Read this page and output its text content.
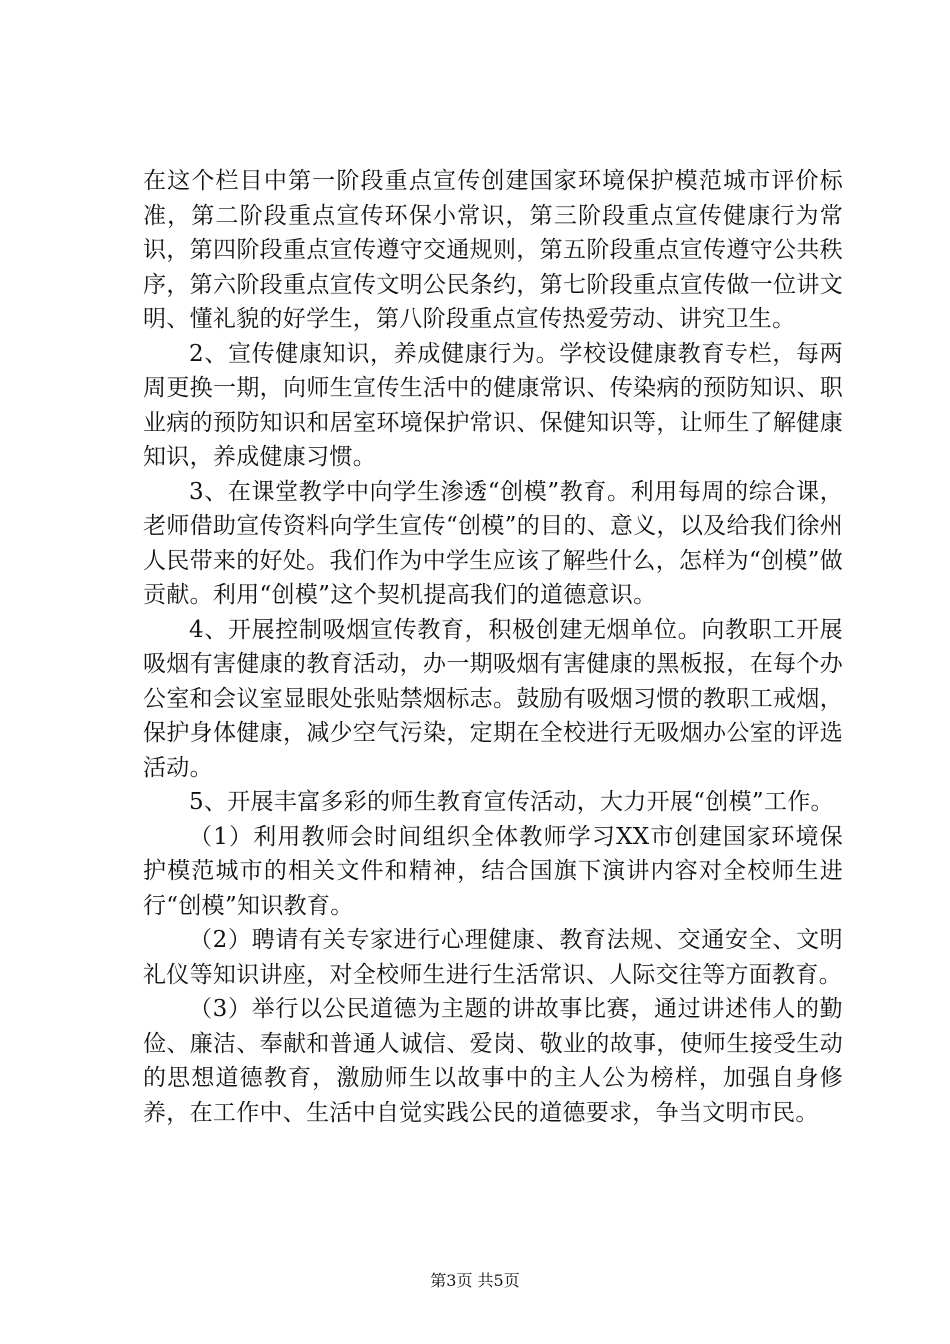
在这个栏目中第一阶段重点宣传创建国家环境保护模范城市评价标准，第二阶段重点宣传环保小常识，第三阶段重点宣传健康行为常识，第四阶段重点宣传遵守交通规则，第五阶段重点宣传遵守公共秩序，第六阶段重点宣传文明公民条约，第七阶段重点宣传做一位讲文明、懂礼貌的好学生，第八阶段重点宣传热爱劳动、讲究卫生。

2、宣传健康知识，养成健康行为。学校设健康教育专栏，每两周更换一期，向师生宣传生活中的健康常识、传染病的预防知识、职业病的预防知识和居室环境保护常识、保健知识等，让师生了解健康知识，养成健康习惯。

3、在课堂教学中向学生渗透“创模”教育。利用每周的综合课，老师借助宣传资料向学生宣传“创模”的目的、意义，以及给我们徐州人民带来的好处。我们作为中学生应该了解些什么，怎样为“创模”做贡献。利用“创模”这个契机提高我们的道德意识。

4、开展控制吸烟宣传教育，积极创建无烟单位。向教职工开展吸烟有害健康的教育活动，办一期吸烟有害健康的黑板报，在每个办公室和会议室显眼处张贴禁烟标志。鼓励有吸烟习惯的教职工戒烟，保护身体健康，减少空气污染，定期在全校进行无吸烟办公室的评选活动。

5、开展丰富多彩的师生教育宣传活动，大力开展“创模”工作。

（1）利用教师会时间组织全体教师学习XX市创建国家环境保护模范城市的相关文件和精神，结合国旗下演讲内容对全校师生进行“创模”知识教育。

（2）聘请有关专家进行心理健康、教育法规、交通安全、文明礼仪等知识讲座，对全校师生进行生活常识、人际交往等方面教育。

（3）举行以公民道德为主题的讲故事比赛，通过讲述伟人的勤俭、廉洁、奉献和普通人诚信、爱岗、敬业的故事，使师生接受生动的思想道德教育，激励师生以故事中的主人公为榜样，加强自身修养，在工作中、生活中自觉实践公民的道德要求，争当文明市民。

第3页 共5页
